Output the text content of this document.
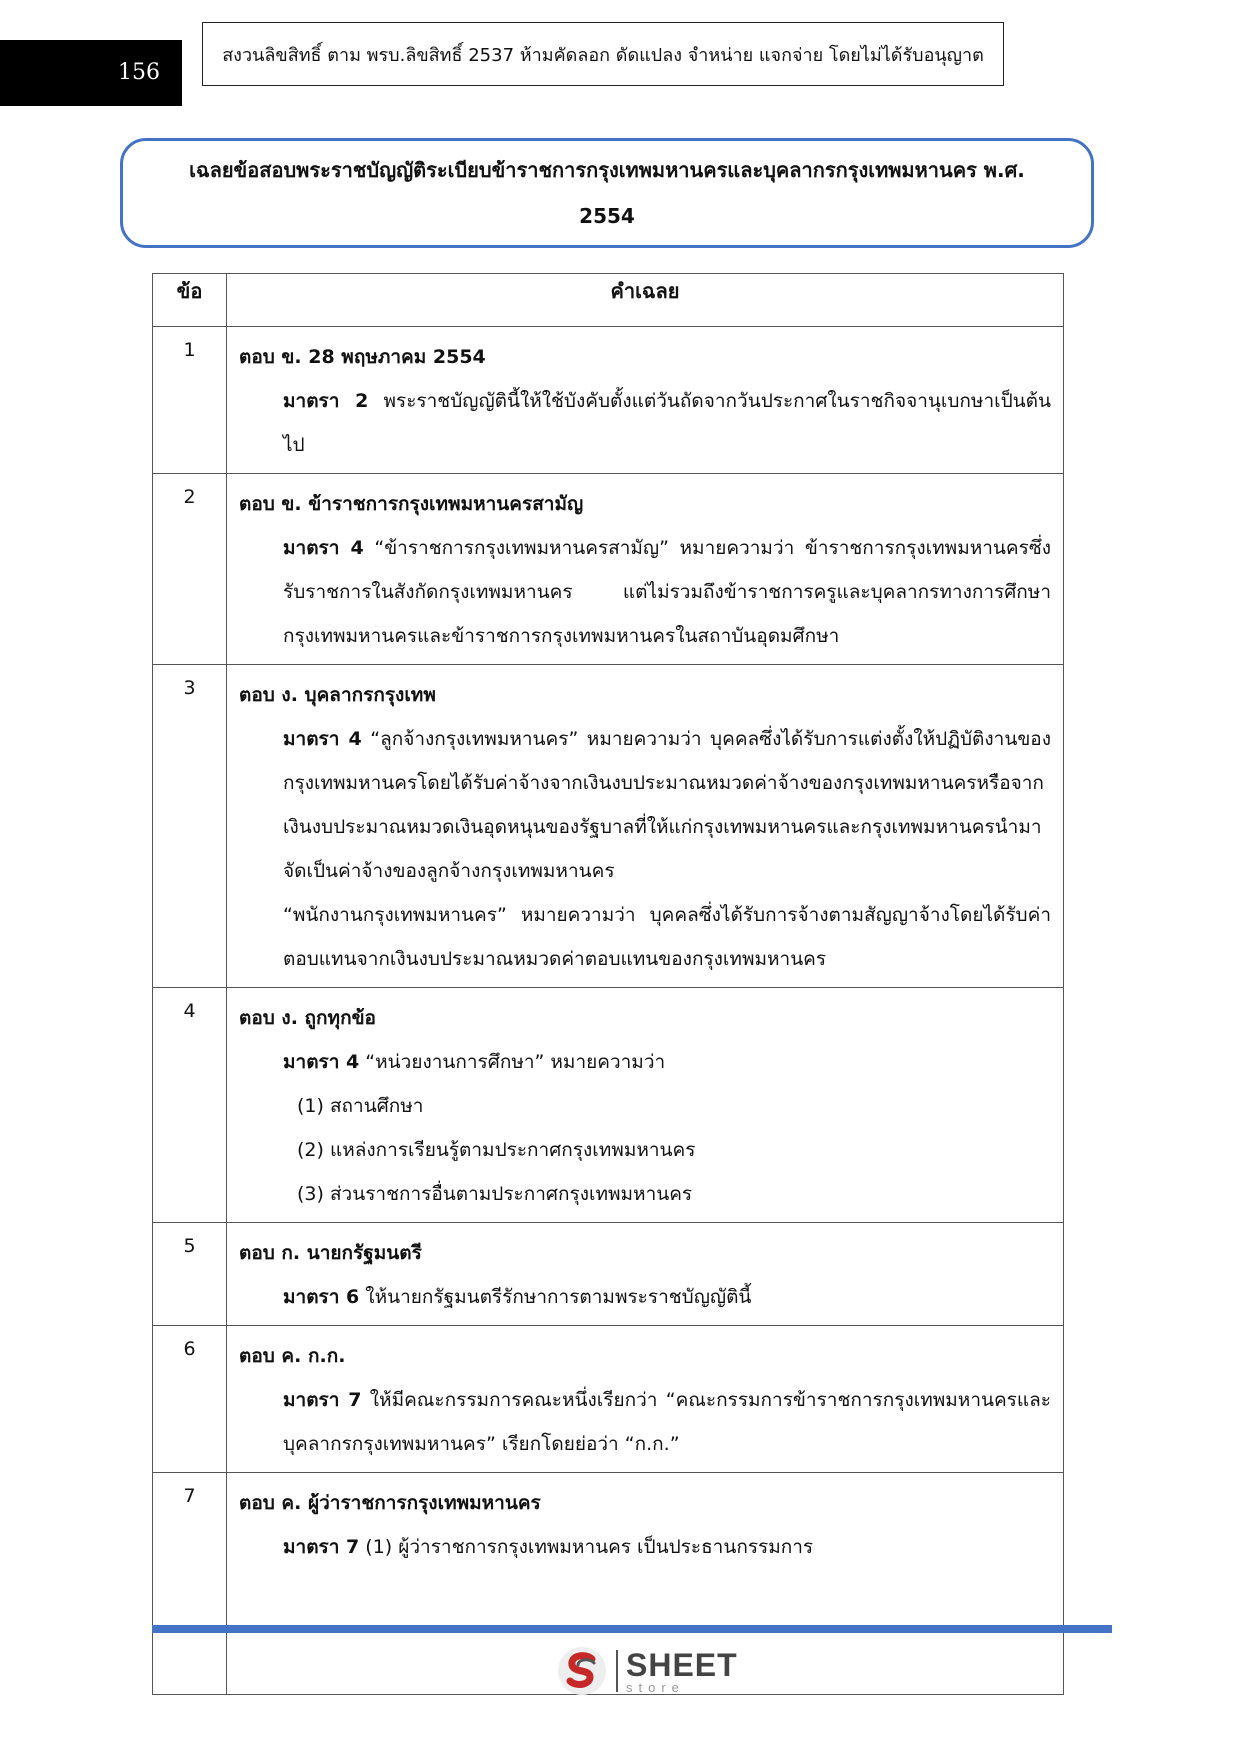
156
สงวนลิขสิทธิ์ ตาม พรบ.ลิขสิทธิ์ 2537 ห้ามคัดลอก ดัดแปลง จำหน่าย แจกจ่าย โดยไม่ได้รับอนุญาต
เฉลยข้อสอบพระราชบัญญัติระเบียบข้าราชการกรุงเทพมหานครและบุคลากรกรุงเทพมหานคร พ.ศ.
2554
ข้อ	คำเฉลย
1	ตอบ ข. 28 พฤษภาคม 2554
มาตรา 2 พระราชบัญญัตินี้ให้ใช้บังคับตั้งแต่วันถัดจากวันประกาศในราชกิจจานุเบกษาเป็นต้นไป

2	ตอบ ข. ข้าราชการกรุงเทพมหานครสามัญ
มาตรา 4 “ข้าราชการกรุงเทพมหานครสามัญ” หมายความว่า ข้าราชการกรุงเทพมหานครซึ่งรับราชการในสังกัดกรุงเทพมหานคร แต่ไม่รวมถึงข้าราชการครูและบุคลากรทางการศึกษากรุงเทพมหานครและข้าราชการกรุงเทพมหานครในสถาบันอุดมศึกษา

3	ตอบ ง. บุคลากรกรุงเทพ
มาตรา 4 “ลูกจ้างกรุงเทพมหานคร” หมายความว่า บุคคลซึ่งได้รับการแต่งตั้งให้ปฏิบัติงานของกรุงเทพมหานครโดยได้รับค่าจ้างจากเงินงบประมาณหมวดค่าจ้างของกรุงเทพมหานครหรือจากเงินงบประมาณหมวดเงินอุดหนุนของรัฐบาลที่ให้แก่กรุงเทพมหานครและกรุงเทพมหานครนำมาจัดเป็นค่าจ้างของลูกจ้างกรุงเทพมหานคร
“พนักงานกรุงเทพมหานคร” หมายความว่า บุคคลซึ่งได้รับการจ้างตามสัญญาจ้างโดยได้รับค่าตอบแทนจากเงินงบประมาณหมวดค่าตอบแทนของกรุงเทพมหานคร

4	ตอบ ง. ถูกทุกข้อ
มาตรา 4 “หน่วยงานการศึกษา” หมายความว่า
(1) สถานศึกษา
(2) แหล่งการเรียนรู้ตามประกาศกรุงเทพมหานคร
(3) ส่วนราชการอื่นตามประกาศกรุงเทพมหานคร

5	ตอบ ก. นายกรัฐมนตรี
มาตรา 6 ให้นายกรัฐมนตรีรักษาการตามพระราชบัญญัตินี้

6	ตอบ ค. ก.ก.
มาตรา 7 ให้มีคณะกรรมการคณะหนึ่งเรียกว่า “คณะกรรมการข้าราชการกรุงเทพมหานครและบุคลากรกรุงเทพมหานคร” เรียกโดยย่อว่า “ก.ก.”

7	ตอบ ค. ผู้ว่าราชการกรุงเทพมหานคร
มาตรา 7 (1) ผู้ว่าราชการกรุงเทพมหานคร เป็นประธานกรรมการ
SHEET
store
